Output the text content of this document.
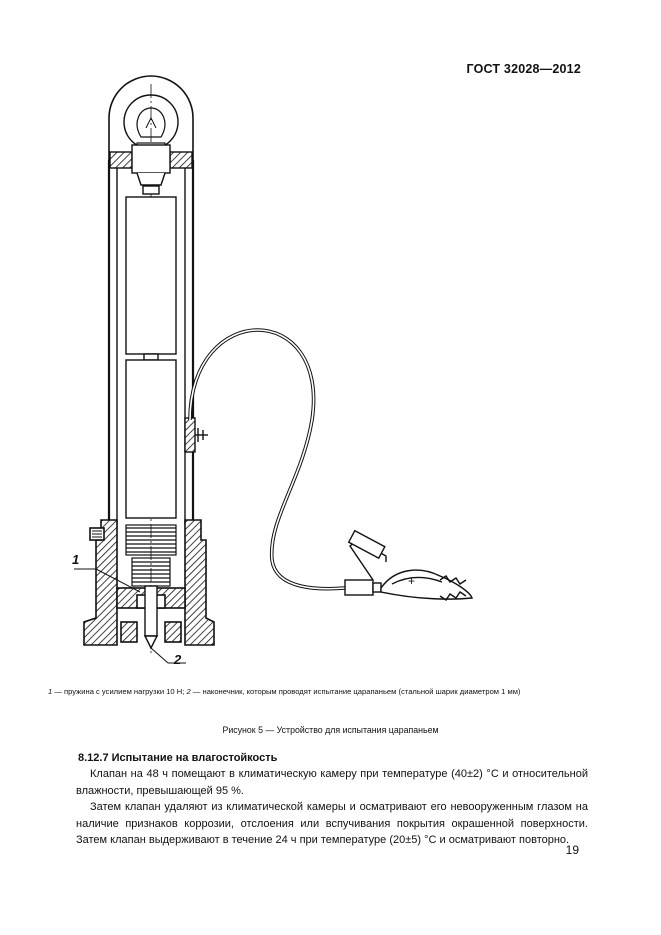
ГОСТ 32028—2012
+
1
2
1 — пружина с усилием нагрузки 10 Н; 2 — наконечник, которым проводят испытание царапаньем (стальной шарик диаметром 1 мм)
Рисунок 5 — Устройство для испытания царапаньем
8.12.7 Испытание на влагостойкость

Клапан на 48 ч помещают в климатическую камеру при температуре (40±2) °С и относительной влажности, превышающей 95 %.

Затем клапан удаляют из климатической камеры и осматривают его невооруженным глазом на наличие признаков коррозии, отслоения или вспучивания покрытия окрашенной поверхности. Затем клапан выдерживают в течение 24 ч при температуре (20±5) °С и осматривают повторно.

19
